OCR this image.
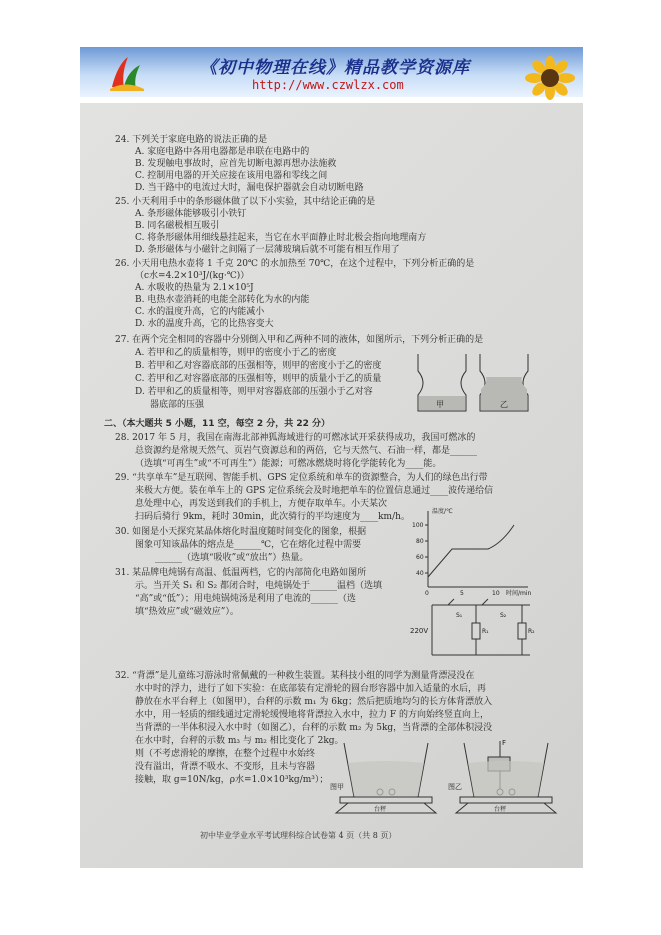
《初中物理在线》精品教学资源库
http://www.czwlzx.com
24. 下列关于家庭电路的说法正确的是
A. 家庭电路中各用电器都是串联在电路中的
B. 发现触电事故时，应首先切断电源再想办法施救
C. 控制用电器的开关应接在该用电器和零线之间
D. 当干路中的电流过大时，漏电保护器就会自动切断电路
25. 小天利用手中的条形磁体做了以下小实验，其中结论正确的是
A. 条形磁体能够吸引小铁钉
B. 同名磁极相互吸引
C. 将条形磁体用细线悬挂起来，当它在水平面静止时北极会指向地理南方
D. 条形磁体与小磁针之间隔了一层薄玻璃后就不可能有相互作用了
26. 小天用电热水壶将 1 千克 20℃ 的水加热至 70℃，在这个过程中，下列分析正确的是
（c水=4.2×10³J/(kg·℃)）
A. 水吸收的热量为 2.1×10⁵J
B. 电热水壶消耗的电能全部转化为水的内能
C. 水的温度升高，它的内能减小
D. 水的温度升高，它的比热容变大
27. 在两个完全相同的容器中分别倒入甲和乙两种不同的液体，如图所示，下列分析正确的是
A. 若甲和乙的质量相等，则甲的密度小于乙的密度
B. 若甲和乙对容器底部的压强相等，则甲的密度小于乙的密度
C. 若甲和乙对容器底部的压强相等，则甲的质量小于乙的质量
D. 若甲和乙的质量相等，则甲对容器底部的压强小于乙对容
器底部的压强	甲	乙
二、（本大题共 5 小题，11 空，每空 2 分，共 22 分）
28. 2017 年 5 月，我国在南海北部神狐海域进行的可燃冰试开采获得成功，我国可燃冰的
总资源约是常规天然气、页岩气资源总和的两倍，它与天然气、石油一样，都是______
（选填“可再生”或“不可再生”）能源；可燃冰燃烧时将化学能转化为____能。
29. “共享单车”是互联网、智能手机、GPS 定位系统和单车的资源整合，为人们的绿色出行带
来极大方便。装在单车上的 GPS 定位系统会及时地把单车的位置信息通过____波传递给信
息处理中心，再发送到我们的手机上，方便存取单车。小天某次
扫码后骑行 9km，耗时 30min，此次骑行的平均速度为____km/h。
温度/℃
100
80
60
40
0	5	10 时间/min
30. 如图是小天探究某晶体熔化时温度随时间变化的图象，根据
图象可知该晶体的熔点是______℃，它在熔化过程中需要
______（选填“吸收”或“放出”）热量。
31. 某品牌电炖锅有高温、低温两档，它的内部简化电路如图所
示。当开关 S₁ 和 S₂ 都闭合时，电炖锅处于______温档（选填
“高”或“低”）；用电炖锅炖汤是利用了电流的______（选
填“热效应”或“磁效应”）。
220V
S₁	S₂
R₁	R₂
32. “背漂”是儿童练习游泳时常佩戴的一种救生装置。某科技小组的同学为测量背漂浸没在
水中时的浮力，进行了如下实验：在底部装有定滑轮的圆台形容器中加入适量的水后，再
静放在水平台秤上（如图甲），台秤的示数 m₁ 为 6kg；然后把质地均匀的长方体背漂放入
水中，用一轻质的细线通过定滑轮缓慢地将背漂拉入水中，拉力 F 的方向始终竖直向上，
当背漂的一半体积浸入水中时（如图乙），台秤的示数 m₂ 为 5kg，当背漂的全部体积浸没
在水中时，台秤的示数 m₃ 与 m₂ 相比变化了 2kg。
则（不考虑滑轮的摩擦，在整个过程中水始终
没有溢出，背漂不吸水、不变形，且未与容器
接触，取 g=10N/kg，ρ水=1.0×10³kg/m³）；
F
图甲	图乙
台秤	台秤
初中毕业学业水平考试理科综合试卷第 4 页（共 8 页）
